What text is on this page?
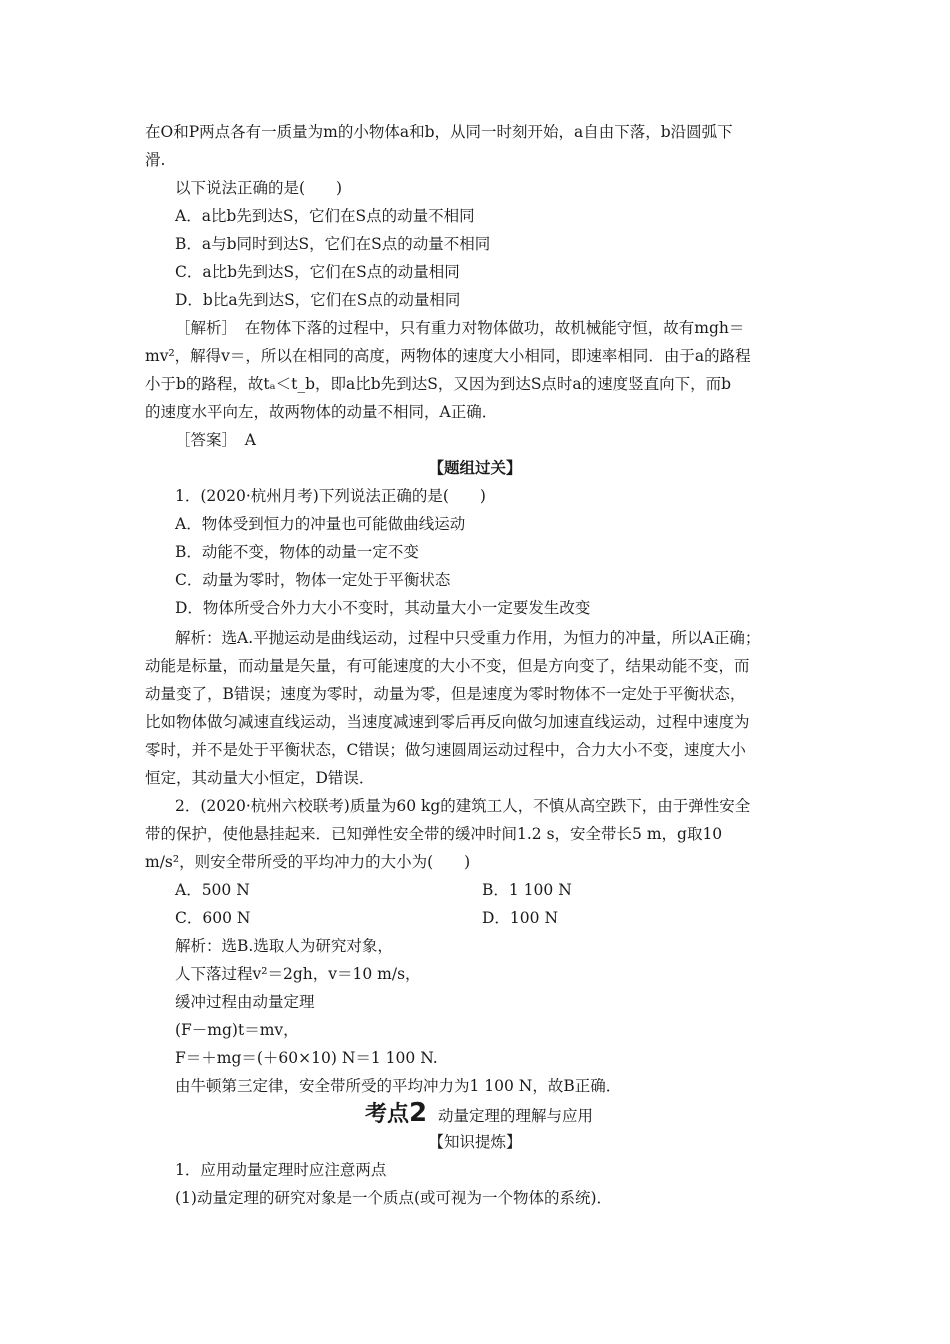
在O和P两点各有一质量为m的小物体a和b，从同一时刻开始，a自由下落，b沿圆弧下
滑.
以下说法正确的是(　　)
A．a比b先到达S，它们在S点的动量不相同
B．a与b同时到达S，它们在S点的动量不相同
C．a比b先到达S，它们在S点的动量相同
D．b比a先到达S，它们在S点的动量相同
［解析］　在物体下落的过程中，只有重力对物体做功，故机械能守恒，故有mgh＝
mv²，解得v＝，所以在相同的高度，两物体的速度大小相同，即速率相同．由于a的路程
小于b的路程，故tₐ＜t_b，即a比b先到达S，又因为到达S点时a的速度竖直向下，而b
的速度水平向左，故两物体的动量不相同，A正确．
［答案］　A
【题组过关】
1．(2020·杭州月考)下列说法正确的是(　　)
A．物体受到恒力的冲量也可能做曲线运动
B．动能不变，物体的动量一定不变
C．动量为零时，物体一定处于平衡状态
D．物体所受合外力大小不变时，其动量大小一定要发生改变
解析：选A.平抛运动是曲线运动，过程中只受重力作用，为恒力的冲量，所以A正确；
动能是标量，而动量是矢量，有可能速度的大小不变，但是方向变了，结果动能不变，而
动量变了，B错误；速度为零时，动量为零，但是速度为零时物体不一定处于平衡状态，
比如物体做匀减速直线运动，当速度减速到零后再反向做匀加速直线运动，过程中速度为
零时，并不是处于平衡状态，C错误；做匀速圆周运动过程中，合力大小不变，速度大小
恒定，其动量大小恒定，D错误．
2．(2020·杭州六校联考)质量为60 kg的建筑工人，不慎从高空跌下，由于弹性安全
带的保护，使他悬挂起来．已知弹性安全带的缓冲时间1.2 s，安全带长5 m，g取10
m/s²，则安全带所受的平均冲力的大小为(　　)
A．500 N	B．1 100 N
C．600 N	D．100 N
解析：选B.选取人为研究对象，
人下落过程v²＝2gh，v＝10 m/s，
缓冲过程由动量定理
(F－mg)t＝mv，
F＝＋mg＝(＋60×10) N＝1 100 N.
由牛顿第三定律，安全带所受的平均冲力为1 100 N，故B正确．
考点2 动量定理的理解与应用
【知识提炼】
1．应用动量定理时应注意两点
(1)动量定理的研究对象是一个质点(或可视为一个物体的系统)．
